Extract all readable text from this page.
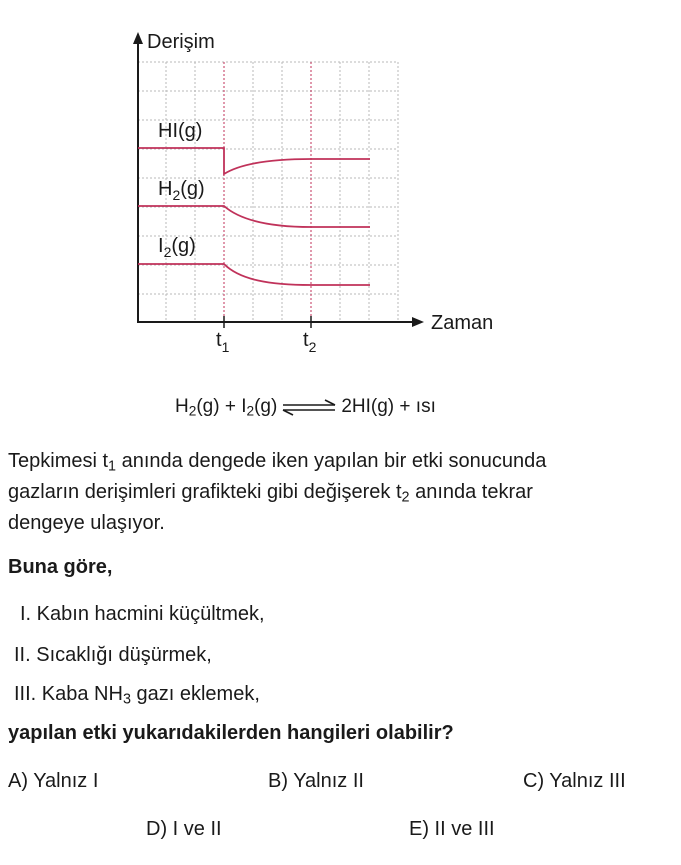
Derişim
Zaman
$t_1$	$t_2$
HI(g)
$H_2(g)$
$I_2(g)$
$H_2(g) + I_2(g)$ ⇌ 2HI(g) + ısı
Tepkimesi $t_1$ anında dengede iken yapılan bir etki sonucunda
gazların derişimleri grafikteki gibi değişerek $t_2$ anında tekrar
dengeye ulaşıyor.
Buna göre,
I. Kabın hacmini küçültmek,
II. Sıcaklığı düşürmek,
III. Kaba $NH_3$ gazı eklemek,
yapılan etki yukarıdakilerden hangileri olabilir?
A) Yalnız I	B) Yalnız II	C) Yalnız III
D) I ve II	E) II ve III
